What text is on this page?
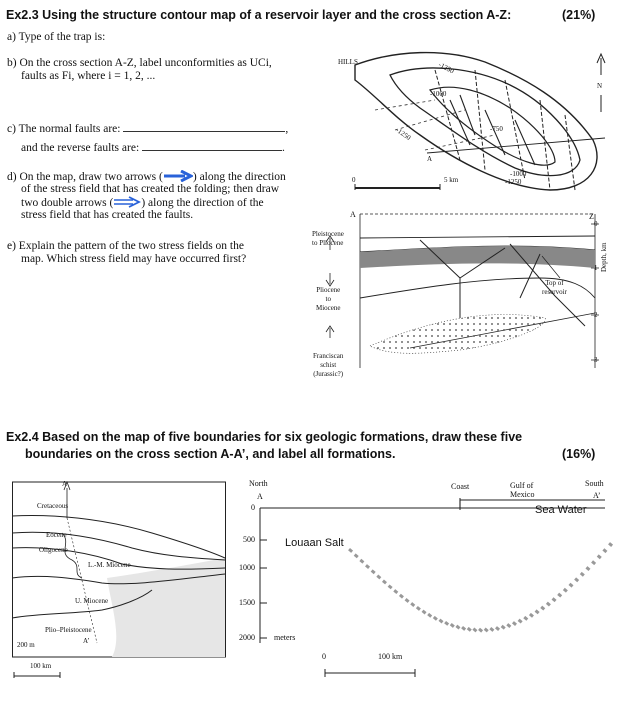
Ex2.3 Using the structure contour map of a reservoir layer and the cross section A-Z:	(21%)
a) Type of the trap is:
b) On the cross section A-Z, label unconformities as UCi,
faults as Fi, where i = 1, 2, ...
c) The normal faults are:	,
and the reverse faults are:	.
d) On the map, draw two arrows (	) along the direction
of the stress field that has created the folding; then draw
two double arrows ( ) along the direction of the
stress field that has created the faults.
e) Explain the pattern of the two stress fields on the
map. Which stress field may have occurred first?
HILLS	-1250
-1000
-750
-1250
-1000
-1250
A
N
0	5 km
A	Z
Pleistocene
to Pliocene
Pliocene
to
Miocene
Franciscan
schist
(Jurassic?)
Top of
reservoir
Depth, km
0
1
2
3
Ex2.4 Based on the map of five boundaries for six geologic formations, draw these five
boundaries on the cross section A-A’, and label all formations.	(16%)
A
Cretaceous
Eocene
Oligocene
L.-M. Miocene
U. Miocene
Plio–Pleistocene
200 m	A’
100 km
North
A
South
A’
Coast	Gulf of
Mexico
Sea Water
Louaan Salt
0
500
1000
1500
2000 meters
0	100 km
